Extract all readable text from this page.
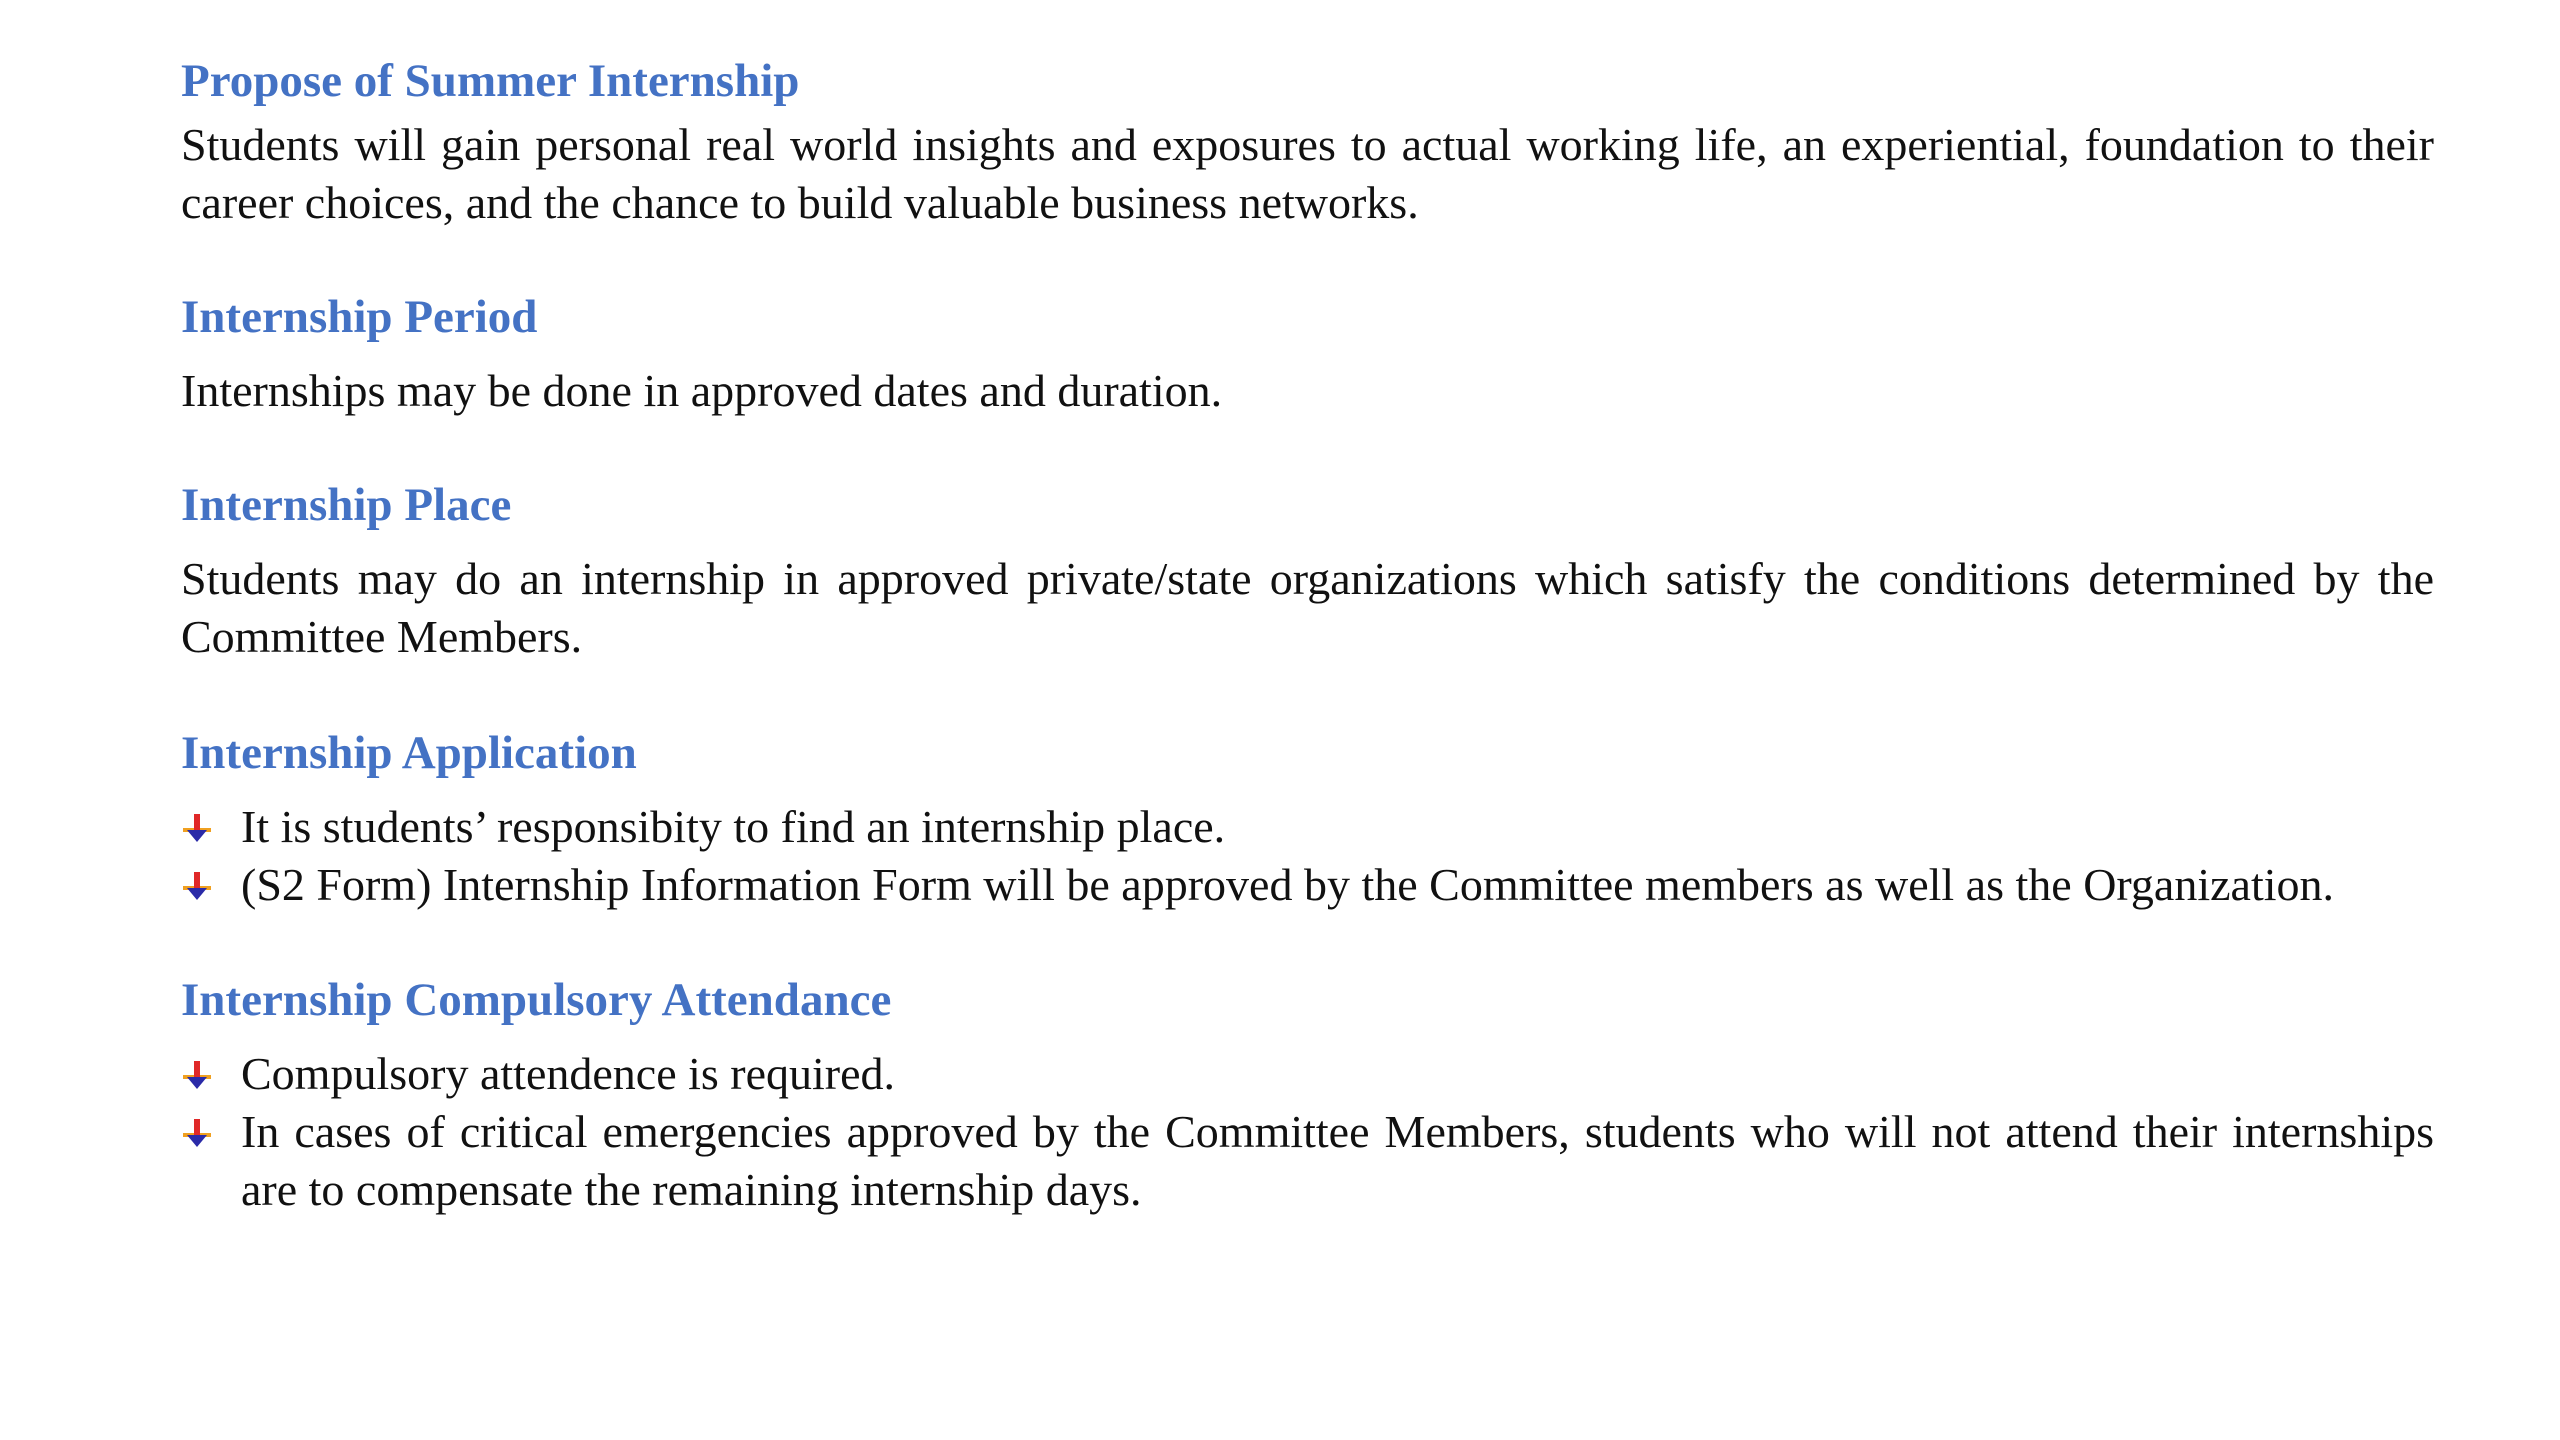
Propose of Summer Internship

Students will gain personal real world insights and exposures to actual working life, an experiential, foundation to their career choices, and the chance to build valuable business networks.

Internship Period

Internships may be done in approved dates and duration.

Internship Place

Students may do an internship in approved private/state organizations which satisfy the conditions determined by the Committee Members.

Internship Application
It is students’ responsibity to find an internship place.
(S2 Form) Internship Information Form will be approved by the Committee members as well as the Organization.
Internship Compulsory Attendance
Compulsory attendence is required.
In cases of critical emergencies approved by the Committee Members, students who will not attend their internships are to compensate the remaining internship days.
